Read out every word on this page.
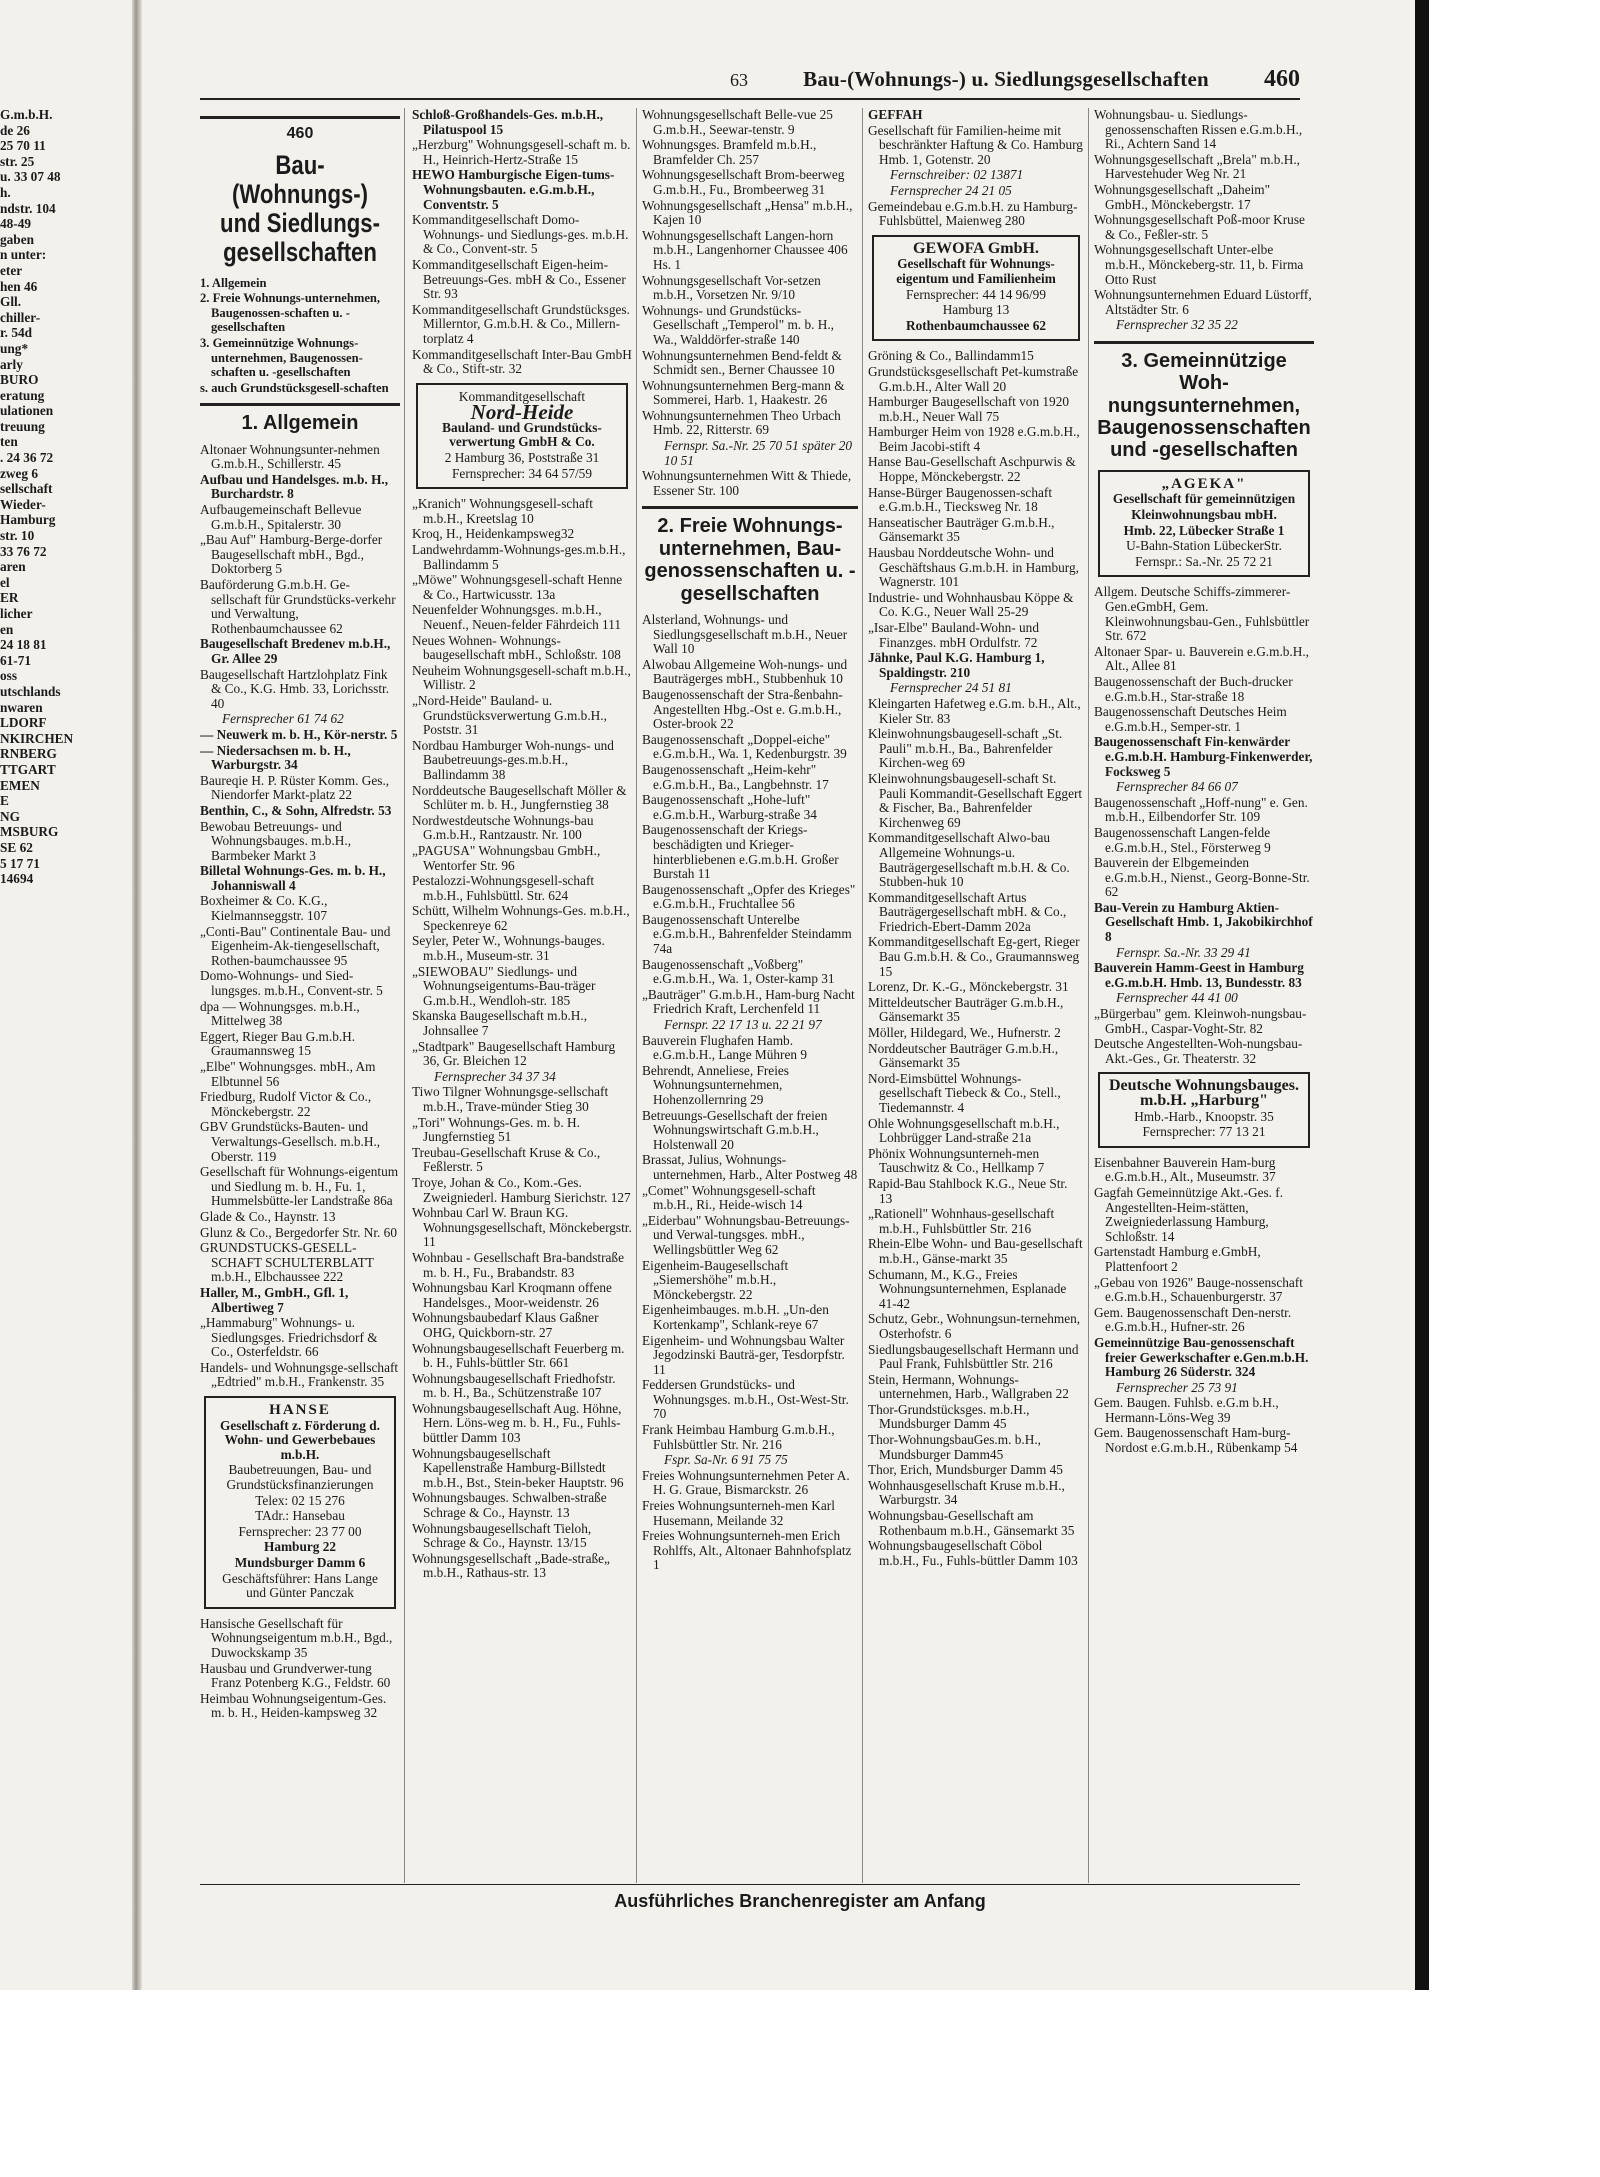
63	Bau-(Wohnungs-) u. Siedlungsgesellschaften 460

G.m.b.H.

de 26

25 70 11

str. 25

u. 33 07 48

h.

ndstr. 104

48-49

gaben

n unter:

eter

hen 46

Gll.

chiller-

r. 54d

ung*

arly

BURO

eratung

ulationen

treuung

ten

. 24 36 72

zweg 6

sellschaft

Wieder-

Hamburg

str. 10

33 76 72

aren

el

ER

licher

en

24 18 81

61-71

oss

utschlands

nwaren

LDORF

NKIRCHEN

RNBERG

TTGART

EMEN

E

NG

MSBURG

SE 62

5 17 71

14694

460
Bau- (Wohnungs-) und Siedlungs- gesellschaften

1. Allgemein

2. Freie Wohnungs-unternehmen, Baugenossen-schaften u. -gesellschaften

3. Gemeinnützige Wohnungs-unternehmen, Baugenossen-schaften u. -gesellschaften

s. auch Grundstücksgesell-schaften

1. Allgemein

Altonaer Wohnungsunter-nehmen G.m.b.H., Schillerstr. 45

Aufbau und Handelsges. m.b. H., Burchardstr. 8

Aufbaugemeinschaft Bellevue G.m.b.H., Spitalerstr. 30

„Bau Auf" Hamburg-Berge-dorfer Baugesellschaft mbH., Bgd., Doktorberg 5

Bauförderung G.m.b.H. Ge-sellschaft für Grundstücks-verkehr und Verwaltung, Rothenbaumchaussee 62

Baugesellschaft Bredenev m.b.H., Gr. Allee 29

Baugesellschaft Hartzlohplatz Fink & Co., K.G. Hmb. 33, Lorichsstr. 40

Fernsprecher 61 74 62

— Neuwerk m. b. H., Kör-nerstr. 5

— Niedersachsen m. b. H., Warburgstr. 34

Baureqie H. P. Rüster Komm. Ges., Niendorfer Markt-platz 22

Benthin, C., & Sohn, Alfredstr. 53

Bewobau Betreuungs- und Wohnungsbauges. m.b.H., Barmbeker Markt 3

Billetal Wohnungs-Ges. m. b. H., Johanniswall 4

Boxheimer & Co. K.G., Kielmannseggstr. 107

„Conti-Bau" Continentale Bau- und Eigenheim-Ak-tiengesellschaft, Rothen-baumchaussee 95

Domo-Wohnungs- und Sied-lungsges. m.b.H., Convent-str. 5

dpa — Wohnungsges. m.b.H., Mittelweg 38

Eggert, Rieger Bau G.m.b.H. Graumannsweg 15

„Elbe" Wohnungsges. mbH., Am Elbtunnel 56

Friedburg, Rudolf Victor & Co., Mönckebergstr. 22

GBV Grundstücks-Bauten- und Verwaltungs-Gesellsch. m.b.H., Oberstr. 119

Gesellschaft für Wohnungs-eigentum und Siedlung m. b. H., Fu. 1, Hummelsbütte-ler Landstraße 86a

Glade & Co., Haynstr. 13

Glunz & Co., Bergedorfer Str. Nr. 60

GRUNDSTUCKS-GESELL-SCHAFT SCHULTERBLATT m.b.H., Elbchaussee 222

Haller, M., GmbH., Gfl. 1, Albertiweg 7

„Hammaburg" Wohnungs- u. Siedlungsges. Friedrichsdorf & Co., Osterfeldstr. 66

Handels- und Wohnungsge-sellschaft „Edtried" m.b.H., Frankenstr. 35

HANSE

Gesellschaft z. Förderung d. Wohn- und Gewerbebaues m.b.H.

Baubetreuungen, Bau- und Grundstücksfinanzierungen

Telex: 02 15 276

TAdr.: Hansebau

Fernsprecher: 23 77 00

Hamburg 22

Mundsburger Damm 6

Geschäftsführer: Hans Lange und Günter Panczak

Hansische Gesellschaft für Wohnungseigentum m.b.H., Bgd., Duwockskamp 35

Hausbau und Grundverwer-tung Franz Potenberg K.G., Feldstr. 60

Heimbau Wohnungseigentum-Ges. m. b. H., Heiden-kampsweg 32

Schloß-Großhandels-Ges. m.b.H., Pilatuspool 15

„Herzburg" Wohnungsgesell-schaft m. b. H., Heinrich-Hertz-Straße 15

HEWO Hamburgische Eigen-tums-Wohnungsbauten. e.G.m.b.H., Conventstr. 5

Kommanditgesellschaft Domo-Wohnungs- und Siedlungs-ges. m.b.H. & Co., Convent-str. 5

Kommanditgesellschaft Eigen-heim-Betreuungs-Ges. mbH & Co., Essener Str. 93

Kommanditgesellschaft Grundstücksges. Millerntor, G.m.b.H. & Co., Millern-torplatz 4

Kommanditgesellschaft Inter-Bau GmbH & Co., Stift-str. 32

Kommanditgesellschaft

Nord-Heide

Bauland- und Grundstücks-verwertung GmbH & Co.

2 Hamburg 36, Poststraße 31

Fernsprecher: 34 64 57/59

„Kranich" Wohnungsgesell-schaft m.b.H., Kreetslag 10

Kroq, H., Heidenkampsweg32

Landwehrdamm-Wohnungs-ges.m.b.H., Ballindamm 5

„Möwe" Wohnungsgesell-schaft Henne & Co., Hartwicusstr. 13a

Neuenfelder Wohnungsges. m.b.H., Neuenf., Neuen-felder Fährdeich 111

Neues Wohnen- Wohnungs-baugesellschaft mbH., Schloßstr. 108

Neuheim Wohnungsgesell-schaft m.b.H., Willistr. 2

„Nord-Heide" Bauland- u. Grundstücksverwertung G.m.b.H., Poststr. 31

Nordbau Hamburger Woh-nungs- und Baubetreuungs-ges.m.b.H., Ballindamm 38

Norddeutsche Baugesellschaft Möller & Schlüter m. b. H., Jungfernstieg 38

Nordwestdeutsche Wohnungs-bau G.m.b.H., Rantzaustr. Nr. 100

„PAGUSA" Wohnungsbau GmbH., Wentorfer Str. 96

Pestalozzi-Wohnungsgesell-schaft m.b.H., Fuhlsbüttl. Str. 624

Schütt, Wilhelm Wohnungs-Ges. m.b.H., Speckenreye 62

Seyler, Peter W., Wohnungs-bauges. m.b.H., Museum-str. 31

„SIEWOBAU" Siedlungs- und Wohnungseigentums-Bau-träger G.m.b.H., Wendloh-str. 185

Skanska Baugesellschaft m.b.H., Johnsallee 7

„Stadtpark" Baugesellschaft Hamburg 36, Gr. Bleichen 12

Fernsprecher 34 37 34

Tiwo Tilgner Wohnungsge-sellschaft m.b.H., Trave-münder Stieg 30

„Tori" Wohnungs-Ges. m. b. H. Jungfernstieg 51

Treubau-Gesellschaft Kruse & Co., Feßlerstr. 5

Troye, Johan & Co., Kom.-Ges. Zweigniederl. Hamburg Sierichstr. 127

Wohnbau Carl W. Braun KG. Wohnungsgesellschaft, Mönckebergstr. 11

Wohnbau - Gesellschaft Bra-bandstraße m. b. H., Fu., Brabandstr. 83

Wohnungsbau Karl Kroqmann offene Handelsges., Moor-weidenstr. 26

Wohnungsbaubedarf Klaus Gaßner OHG, Quickborn-str. 27

Wohnungsbaugesellschaft Feuerberg m. b. H., Fuhls-büttler Str. 661

Wohnungsbaugesellschaft Friedhofstr. m. b. H., Ba., Schützenstraße 107

Wohnungsbaugesellschaft Aug. Höhne, Hern. Löns-weg m. b. H., Fu., Fuhls-büttler Damm 103

Wohnungsbaugesellschaft Kapellenstraße Hamburg-Billstedt m.b.H., Bst., Stein-beker Hauptstr. 96

Wohnungsbauges. Schwalben-straße Schrage & Co., Haynstr. 13

Wohnungsbaugesellschaft Tieloh, Schrage & Co., Haynstr. 13/15

Wohnungsgesellschaft „Bade-straße„ m.b.H., Rathaus-str. 13

Wohnungsgesellschaft Belle-vue 25 G.m.b.H., Seewar-tenstr. 9

Wohnungsges. Bramfeld m.b.H., Bramfelder Ch. 257

Wohnungsgesellschaft Brom-beerweg G.m.b.H., Fu., Brombeerweg 31

Wohnungsgesellschaft „Hensa" m.b.H., Kajen 10

Wohnungsgesellschaft Langen-horn m.b.H., Langenhorner Chaussee 406 Hs. 1

Wohnungsgesellschaft Vor-setzen m.b.H., Vorsetzen Nr. 9/10

Wohnungs- und Grundstücks-Gesellschaft „Temperol" m. b. H., Wa., Walddörfer-straße 140

Wohnungsunternehmen Bend-feldt & Schmidt sen., Berner Chaussee 10

Wohnungsunternehmen Berg-mann & Sommerei, Harb. 1, Haakestr. 26

Wohnungsunternehmen Theo Urbach Hmb. 22, Ritterstr. 69

Fernspr. Sa.-Nr. 25 70 51 später 20 10 51

Wohnungsunternehmen Witt & Thiede, Essener Str. 100

2. Freie Wohnungs-unternehmen, Bau-genossenschaften u. -gesellschaften

Alsterland, Wohnungs- und Siedlungsgesellschaft m.b.H., Neuer Wall 10

Alwobau Allgemeine Woh-nungs- und Bauträgerges mbH., Stubbenhuk 10

Baugenossenschaft der Stra-ßenbahn-Angestellten Hbg.-Ost e. G.m.b.H., Oster-brook 22

Baugenossenschaft „Doppel-eiche" e.G.m.b.H., Wa. 1, Kedenburgstr. 39

Baugenossenschaft „Heim-kehr" e.G.m.b.H., Ba., Langbehnstr. 17

Baugenossenschaft „Hohe-luft" e.G.m.b.H., Warburg-straße 34

Baugenossenschaft der Kriegs-beschädigten und Krieger-hinterbliebenen e.G.m.b.H. Großer Burstah 11

Baugenossenschaft „Opfer des Krieges" e.G.m.b.H., Fruchtallee 56

Baugenossenschaft Unterelbe e.G.m.b.H., Bahrenfelder Steindamm 74a

Baugenossenschaft „Voßberg" e.G.m.b.H., Wa. 1, Oster-kamp 31

„Bauträger" G.m.b.H., Ham-burg Nacht Friedrich Kraft, Lerchenfeld 11

Fernspr. 22 17 13 u. 22 21 97

Bauverein Flughafen Hamb. e.G.m.b.H., Lange Mühren 9

Behrendt, Anneliese, Freies Wohnungsunternehmen, Hohenzollernring 29

Betreuungs-Gesellschaft der freien Wohnungswirtschaft G.m.b.H., Holstenwall 20

Brassat, Julius, Wohnungs-unternehmen, Harb., Alter Postweg 48

„Comet" Wohnungsgesell-schaft m.b.H., Ri., Heide-wisch 14

„Eiderbau" Wohnungsbau-Betreuungs- und Verwal-tungsges. mbH., Wellingsbüttler Weg 62

Eigenheim-Baugesellschaft „Siemershöhe" m.b.H., Mönckebergstr. 22

Eigenheimbauges. m.b.H. „Un-den Kortenkamp", Schlank-reye 67

Eigenheim- und Wohnungsbau Walter Jegodzinski Bauträ-ger, Tesdorpfstr. 11

Feddersen Grundstücks- und Wohnungsges. m.b.H., Ost-West-Str. 70

Frank Heimbau Hamburg G.m.b.H., Fuhlsbüttler Str. Nr. 216

Fspr. Sa-Nr. 6 91 75 75

Freies Wohnungsunternehmen Peter A. H. G. Graue, Bismarckstr. 26

Freies Wohnungsunterneh-men Karl Husemann, Meilande 32

Freies Wohnungsunterneh-men Erich Rohlffs, Alt., Altonaer Bahnhofsplatz 1

GEFFAH

Gesellschaft für Familien-heime mit beschränkter Haftung & Co. Hamburg Hmb. 1, Gotenstr. 20

Fernschreiber: 02 13871

Fernsprecher 24 21 05

Gemeindebau e.G.m.b.H. zu Hamburg-Fuhlsbüttel, Maienweg 280

GEWOFA GmbH.

Gesellschaft für Wohnungs-eigentum und Familienheim

Fernsprecher: 44 14 96/99

Hamburg 13

Rothenbaumchaussee 62

Gröning & Co., Ballindamm15

Grundstücksgesellschaft Pet-kumstraße G.m.b.H., Alter Wall 20

Hamburger Baugesellschaft von 1920 m.b.H., Neuer Wall 75

Hamburger Heim von 1928 e.G.m.b.H., Beim Jacobi-stift 4

Hanse Bau-Gesellschaft Aschpurwis & Hoppe, Mönckebergstr. 22

Hanse-Bürger Baugenossen-schaft e.G.m.b.H., Tiecksweg Nr. 18

Hanseatischer Bauträger G.m.b.H., Gänsemarkt 35

Hausbau Norddeutsche Wohn- und Geschäftshaus G.m.b.H. in Hamburg, Wagnerstr. 101

Industrie- und Wohnhausbau Köppe & Co. K.G., Neuer Wall 25-29

„Isar-Elbe" Bauland-Wohn- und Finanzges. mbH Ordulfstr. 72

Jähnke, Paul K.G. Hamburg 1, Spaldingstr. 210

Fernsprecher 24 51 81

Kleingarten Hafetweg e.G.m. b.H., Alt., Kieler Str. 83

Kleinwohnungsbaugesell-schaft „St. Pauli" m.b.H., Ba., Bahrenfelder Kirchen-weg 69

Kleinwohnungsbaugesell-schaft St. Pauli Kommandit-Gesellschaft Eggert & Fischer, Ba., Bahrenfelder Kirchenweg 69

Kommanditgesellschaft Alwo-bau Allgemeine Wohnungs-u. Bauträgergesellschaft m.b.H. & Co. Stubben-huk 10

Kommanditgesellschaft Artus Bauträgergesellschaft mbH. & Co., Friedrich-Ebert-Damm 202a

Kommanditgesellschaft Eg-gert, Rieger Bau G.m.b.H. & Co., Graumannsweg 15

Lorenz, Dr. K.-G., Mönckebergstr. 31

Mitteldeutscher Bauträger G.m.b.H., Gänsemarkt 35

Möller, Hildegard, We., Hufnerstr. 2

Norddeutscher Bauträger G.m.b.H., Gänsemarkt 35

Nord-Eimsbüttel Wohnungs-gesellschaft Tiebeck & Co., Stell., Tiedemannstr. 4

Ohle Wohnungsgesellschaft m.b.H., Lohbrügger Land-straße 21a

Phönix Wohnungsunterneh-men Tauschwitz & Co., Hellkamp 7

Rapid-Bau Stahlbock K.G., Neue Str. 13

„Rationell" Wohnhaus-gesellschaft m.b.H., Fuhlsbüttler Str. 216

Rhein-Elbe Wohn- und Bau-gesellschaft m.b.H., Gänse-markt 35

Schumann, M., K.G., Freies Wohnungsunternehmen, Esplanade 41-42

Schutz, Gebr., Wohnungsun-ternehmen, Osterhofstr. 6

Siedlungsbaugesellschaft Hermann und Paul Frank, Fuhlsbüttler Str. 216

Stein, Hermann, Wohnungs-unternehmen, Harb., Wallgraben 22

Thor-Grundstücksges. m.b.H., Mundsburger Damm 45

Thor-WohnungsbauGes.m. b.H., Mundsburger Damm45

Thor, Erich, Mundsburger Damm 45

Wohnhausgesellschaft Kruse m.b.H., Warburgstr. 34

Wohnungsbau-Gesellschaft am Rothenbaum m.b.H., Gänsemarkt 35

Wohnungsbaugesellschaft Cöbol m.b.H., Fu., Fuhls-büttler Damm 103

Wohnungsbau- u. Siedlungs-genossenschaften Rissen e.G.m.b.H., Ri., Achtern Sand 14

Wohnungsgesellschaft „Brela" m.b.H., Harvestehuder Weg Nr. 21

Wohnungsgesellschaft „Daheim" GmbH., Mönckebergstr. 17

Wohnungsgesellschaft Poß-moor Kruse & Co., Feßler-str. 5

Wohnungsgesellschaft Unter-elbe m.b.H., Mönckeberg-str. 11, b. Firma Otto Rust

Wohnungsunternehmen Eduard Lüstorff, Altstädter Str. 6

Fernsprecher 32 35 22

3. Gemeinnützige Woh-nungsunternehmen, Baugenossenschaften und -gesellschaften

„AGEKA"

Gesellschaft für gemeinnützigen

Kleinwohnungsbau mbH.

Hmb. 22, Lübecker Straße 1

U-Bahn-Station LübeckerStr.

Fernspr.: Sa.-Nr. 25 72 21

Allgem. Deutsche Schiffs-zimmerer-Gen.eGmbH, Gem. Kleinwohnungsbau-Gen., Fuhlsbüttler Str. 672

Altonaer Spar- u. Bauverein e.G.m.b.H., Alt., Allee 81

Baugenossenschaft der Buch-drucker e.G.m.b.H., Star-straße 18

Baugenossenschaft Deutsches Heim e.G.m.b.H., Semper-str. 1

Baugenossenschaft Fin-kenwärder e.G.m.b.H. Hamburg-Finkenwerder, Focksweg 5

Fernsprecher 84 66 07

Baugenossenschaft „Hoff-nung" e. Gen. m.b.H., Eilbendorfer Str. 109

Baugenossenschaft Langen-felde e.G.m.b.H., Stel., Försterweg 9

Bauverein der Elbgemeinden e.G.m.b.H., Nienst., Georg-Bonne-Str. 62

Bau-Verein zu Hamburg Aktien-Gesellschaft Hmb. 1, Jakobikirchhof 8

Fernspr. Sa.-Nr. 33 29 41

Bauverein Hamm-Geest in Hamburg e.G.m.b.H. Hmb. 13, Bundesstr. 83

Fernsprecher 44 41 00

„Bürgerbau" gem. Kleinwoh-nungsbau-GmbH., Caspar-Voght-Str. 82

Deutsche Angestellten-Woh-nungsbau-Akt.-Ges., Gr. Theaterstr. 32

Deutsche Wohnungsbauges. m.b.H. „Harburg"

Hmb.-Harb., Knoopstr. 35

Fernsprecher: 77 13 21

Eisenbahner Bauverein Ham-burg e.G.m.b.H., Alt., Museumstr. 37

Gagfah Gemeinnützige Akt.-Ges. f. Angestellten-Heim-stätten, Zweigniederlassung Hamburg, Schloßstr. 14

Gartenstadt Hamburg e.GmbH, Plattenfoort 2

„Gebau von 1926" Bauge-nossenschaft e.G.m.b.H., Schauenburgerstr. 37

Gem. Baugenossenschaft Den-nerstr. e.G.m.b.H., Hufner-str. 26

Gemeinnützige Bau-genossenschaft freier Gewerkschafter e.Gen.m.b.H. Hamburg 26 Süderstr. 324

Fernsprecher 25 73 91

Gem. Baugen. Fuhlsb. e.G.m b.H., Hermann-Löns-Weg 39

Gem. Baugenossenschaft Ham-burg-Nordost e.G.m.b.H., Rübenkamp 54

Ausführliches Branchenregister am Anfang
